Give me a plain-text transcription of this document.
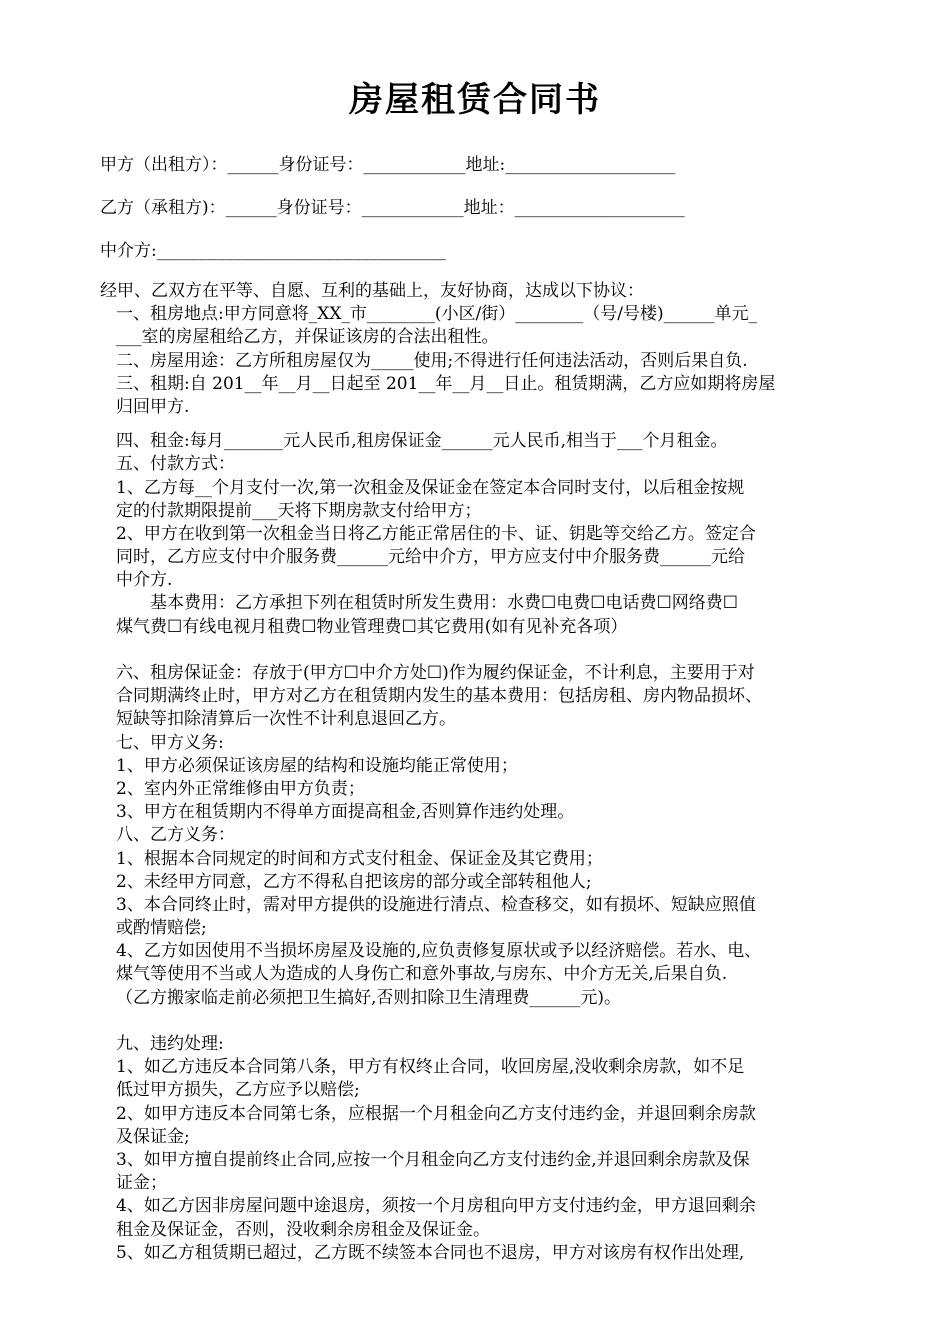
房屋租赁合同书
甲方（出租方）：______身份证号：____________地址:____________________
乙方（承租方)：______身份证号：____________地址：____________________
中介方:__________________________________
经甲、乙双方在平等、自愿、互利的基础上，友好协商，达成以下协议：
一、租房地点:甲方同意将_XX_市________(小区/街）________（号/号楼)______单元_
___室的房屋租给乙方，并保证该房的合法出租性。
二、房屋用途：乙方所租房屋仅为_____使用;不得进行任何违法活动，否则后果自负.
三、租期:自 201__年__月__日起至 201__年__月__日止。租赁期满，乙方应如期将房屋
归回甲方.
四、租金:每月_______元人民币,租房保证金______元人民币,相当于___个月租金。
五、付款方式：
1、乙方每__个月支付一次,第一次租金及保证金在签定本合同时支付，以后租金按规
定的付款期限提前___天将下期房款支付给甲方；
2、甲方在收到第一次租金当日将乙方能正常居住的卡、证、钥匙等交给乙方。签定合
同时，乙方应支付中介服务费______元给中介方，甲方应支付中介服务费______元给
中介方.
基本费用：乙方承担下列在租赁时所发生费用：水费☐电费☐电话费☐网络费☐
煤气费☐有线电视月租费☐物业管理费☐其它费用(如有见补充各项）
六、租房保证金：存放于(甲方☐中介方处☐)作为履约保证金，不计利息，主要用于对
合同期满终止时，甲方对乙方在租赁期内发生的基本费用：包括房租、房内物品损坏、
短缺等扣除清算后一次性不计利息退回乙方。
七、甲方义务:
1、甲方必须保证该房屋的结构和设施均能正常使用；
2、室内外正常维修由甲方负责；
3、甲方在租赁期内不得单方面提高租金,否则算作违约处理。
八、乙方义务：
1、根据本合同规定的时间和方式支付租金、保证金及其它费用；
2、未经甲方同意，乙方不得私自把该房的部分或全部转租他人;
3、本合同终止时，需对甲方提供的设施进行清点、检查移交，如有损坏、短缺应照值
或酌情赔偿;
4、乙方如因使用不当损坏房屋及设施的,应负责修复原状或予以经济赔偿。若水、电、
煤气等使用不当或人为造成的人身伤亡和意外事故,与房东、中介方无关,后果自负.
（乙方搬家临走前必须把卫生搞好,否则扣除卫生清理费______元)。
九、违约处理:
1、如乙方违反本合同第八条，甲方有权终止合同，收回房屋,没收剩余房款，如不足
低过甲方损失，乙方应予以赔偿;
2、如甲方违反本合同第七条，应根据一个月租金向乙方支付违约金，并退回剩余房款
及保证金;
3、如甲方擅自提前终止合同,应按一个月租金向乙方支付违约金,并退回剩余房款及保
证金；
4、如乙方因非房屋问题中途退房，须按一个月房租向甲方支付违约金，甲方退回剩余
租金及保证金，否则，没收剩余房租金及保证金。
5、如乙方租赁期已超过，乙方既不续签本合同也不退房，甲方对该房有权作出处理,
